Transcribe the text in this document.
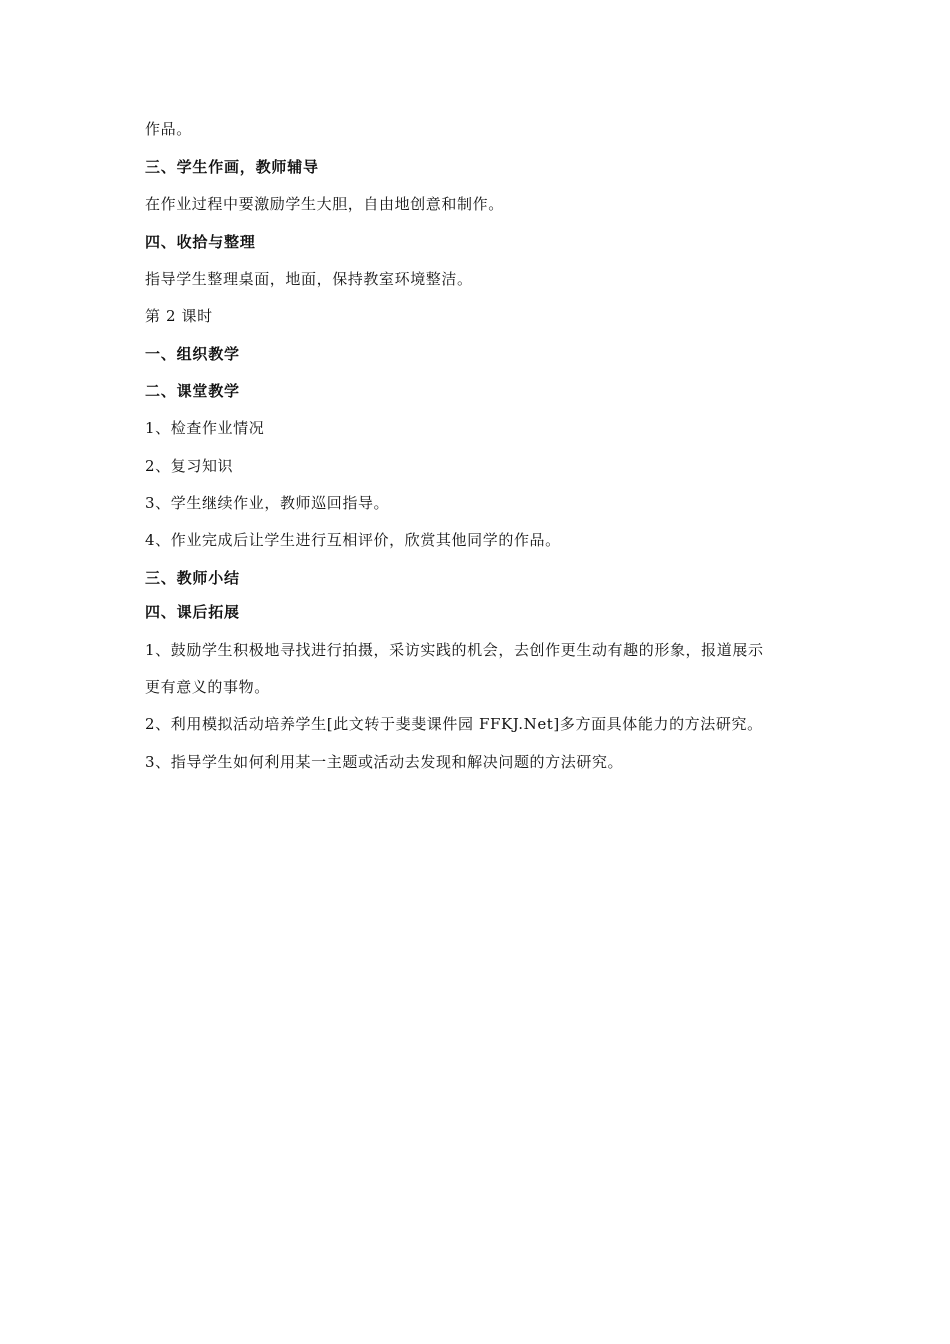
作品。
三、学生作画，教师辅导
在作业过程中要激励学生大胆，自由地创意和制作。
四、收拾与整理
指导学生整理桌面，地面，保持教室环境整洁。
第 2 课时
一、组织教学
二、课堂教学
1、检查作业情况
2、复习知识
3、学生继续作业，教师巡回指导。
4、作业完成后让学生进行互相评价，欣赏其他同学的作品。
三、教师小结
四、课后拓展
1、鼓励学生积极地寻找进行拍摄，采访实践的机会，去创作更生动有趣的形象，报道展示
更有意义的事物。
2、利用模拟活动培养学生[此文转于斐斐课件园 FFKJ.Net]多方面具体能力的方法研究。
3、指导学生如何利用某一主题或活动去发现和解决问题的方法研究。
